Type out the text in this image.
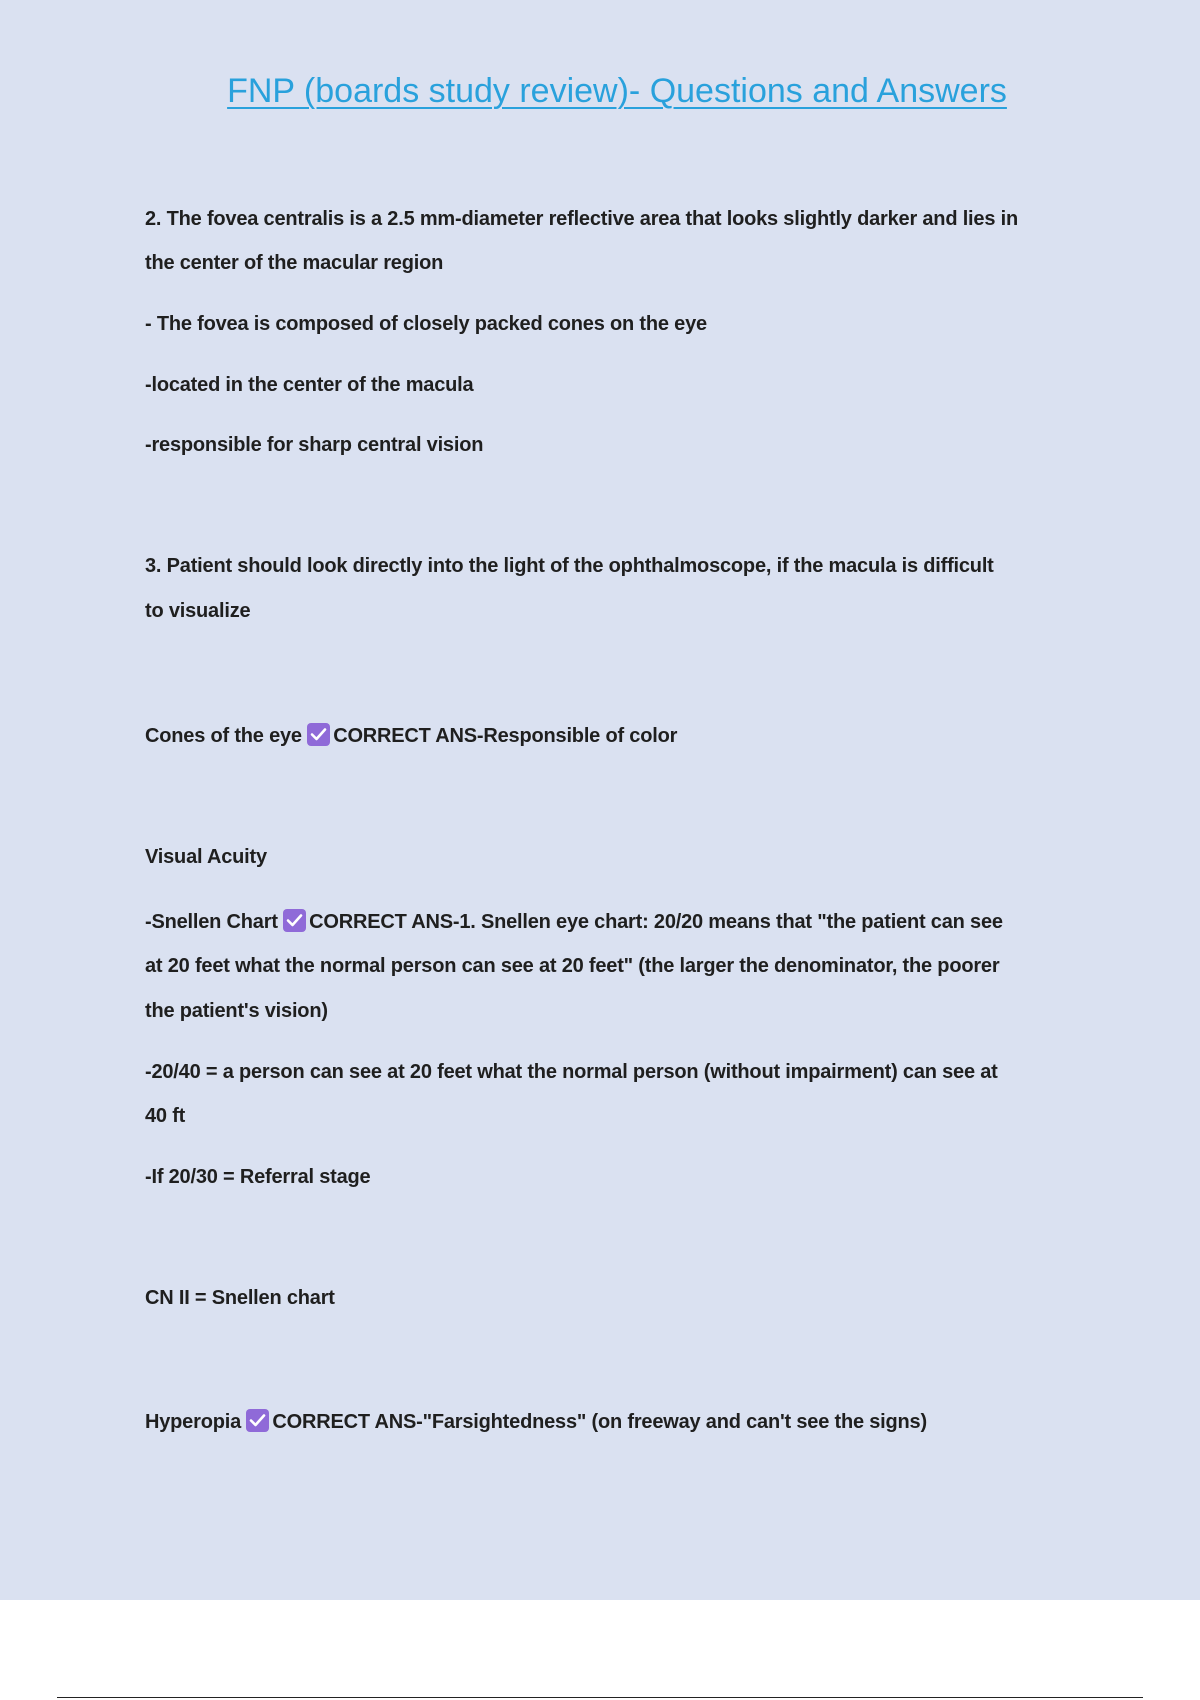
FNP (boards study review)- Questions and Answers

2. The fovea centralis is a 2.5 mm-diameter reflective area that looks slightly darker and lies in

the center of the macular region

- The fovea is composed of closely packed cones on the eye

-located in the center of the macula

-responsible for sharp central vision

3. Patient should look directly into the light of the ophthalmoscope, if the macula is difficult

to visualize

Cones of the eye CORRECT ANS-Responsible of color

Visual Acuity

-Snellen Chart CORRECT ANS-1. Snellen eye chart: 20/20 means that "the patient can see

at 20 feet what the normal person can see at 20 feet" (the larger the denominator, the poorer

the patient's vision)

-20/40 = a person can see at 20 feet what the normal person (without impairment) can see at

40 ft

-If 20/30 = Referral stage

CN II = Snellen chart

Hyperopia CORRECT ANS-"Farsightedness" (on freeway and can't see the signs)
